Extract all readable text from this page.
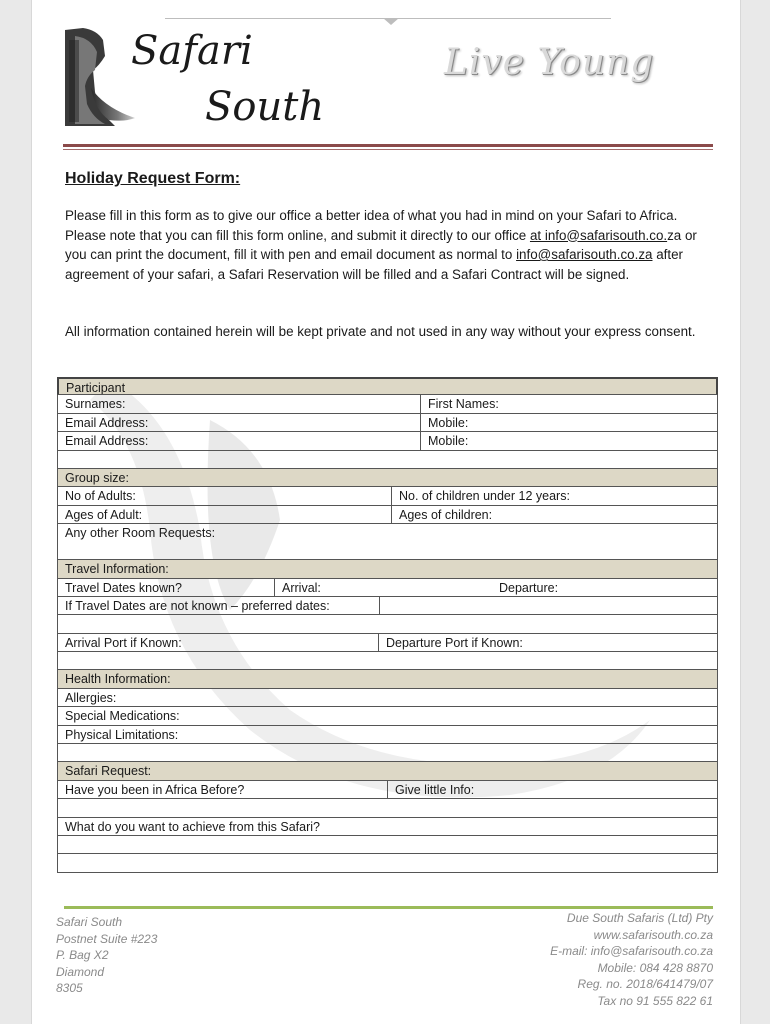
Safari
South
Live Young
Holiday Request Form:
Please fill in this form as to give our office a better idea of what you had in mind on your Safari to Africa. Please note that you can fill this form online, and submit it directly to our office at info@safarisouth.co.za or you can print the document, fill it with pen and email document as normal to info@safarisouth.co.za after agreement of your safari, a Safari Reservation will be filled and a Safari Contract will be signed.
All information contained herein will be kept private and not used in any way without your express consent.
Participant
Surnames:	First Names:
Email Address:	Mobile:
Email Address:	Mobile:
Group size:
No of Adults:	No. of children under 12 years:
Ages of Adult:	Ages of children:
Any other Room Requests:
Travel Information:
Travel Dates known?	Arrival:	Departure:
If Travel Dates are not known – preferred dates:
Arrival Port if Known:	Departure Port if Known:
Health Information:
Allergies:
Special Medications:
Physical Limitations:
Safari Request:
Have you been in Africa Before?	Give little Info:
What do you want to achieve from this Safari?
Safari South
Postnet Suite #223
P. Bag X2
Diamond
8305
Due South Safaris (Ltd) Pty
www.safarisouth.co.za
E-mail: info@safarisouth.co.za
Mobile: 084 428 8870
Reg. no. 2018/641479/07
Tax no 91 555 822 61
